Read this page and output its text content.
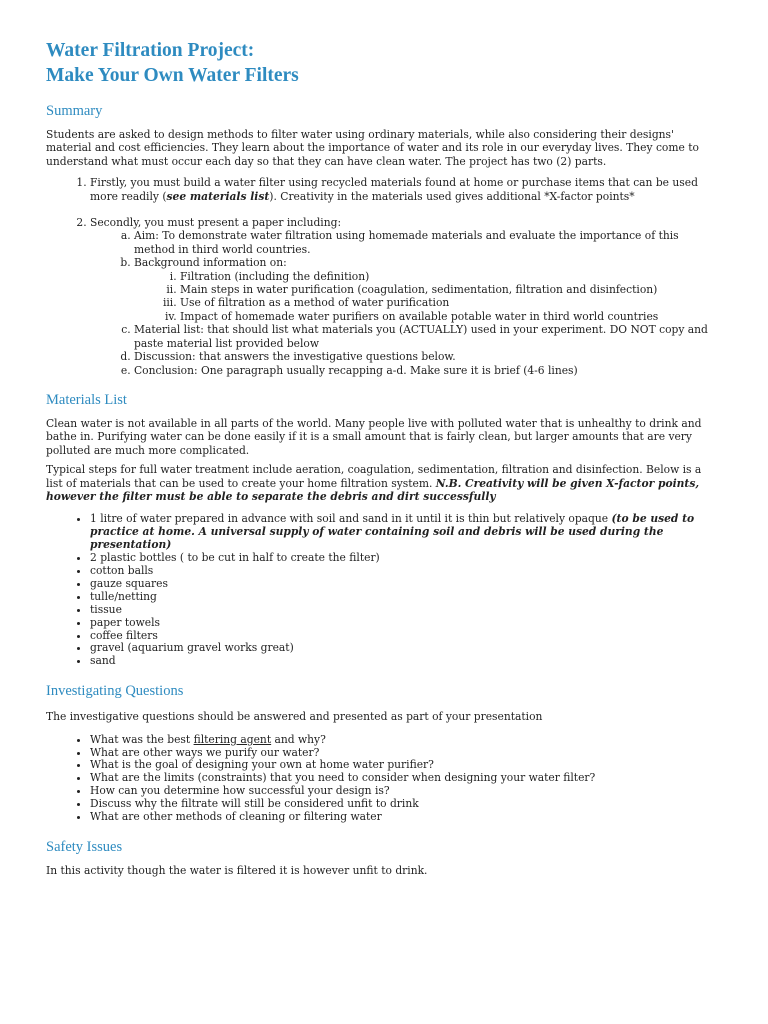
Water Filtration Project:
Make Your Own Water Filters
Summary

Students are asked to design methods to filter water using ordinary materials, while also considering their designs' material and cost efficiencies. They learn about the importance of water and its role in our everyday lives. They come to understand what must occur each day so that they can have clean water. The project has two (2) parts.

1. Firstly, you must build a water filter using recycled materials found at home or purchase items that can be used more readily (see materials list). Creativity in the materials used gives additional *X-factor points*
2. Secondly, you must present a paper including:
a. Aim: To demonstrate water filtration using homemade materials and evaluate the importance of this method in third world countries.
b. Background information on:
i. Filtration (including the definition)
ii. Main steps in water purification (coagulation, sedimentation, filtration and disinfection)
iii. Use of filtration as a method of water purification
iv. Impact of homemade water purifiers on available potable water in third world countries
c. Material list: that should list what materials you (ACTUALLY) used in your experiment. DO NOT copy and paste material list provided below
d. Discussion: that answers the investigative questions below.
e. Conclusion: One paragraph usually recapping a-d. Make sure it is brief (4-6 lines)
Materials List

Clean water is not available in all parts of the world. Many people live with polluted water that is unhealthy to drink and bathe in. Purifying water can be done easily if it is a small amount that is fairly clean, but larger amounts that are very polluted are much more complicated.

Typical steps for full water treatment include aeration, coagulation, sedimentation, filtration and disinfection. Below is a list of materials that can be used to create your home filtration system. N.B. Creativity will be given X-factor points, however the filter must be able to separate the debris and dirt successfully

• 1 litre of water prepared in advance with soil and sand in it until it is thin but relatively opaque (to be used to practice at home. A universal supply of water containing soil and debris will be used during the presentation)
• 2 plastic bottles ( to be cut in half to create the filter)
• cotton balls
• gauze squares
• tulle/netting
• tissue
• paper towels
• coffee filters
• gravel (aquarium gravel works great)
• sand
Investigating Questions

The investigative questions should be answered and presented as part of your presentation

• What was the best filtering agent and why?
• What are other ways we purify our water?
• What is the goal of designing your own at home water purifier?
• What are the limits (constraints) that you need to consider when designing your water filter?
• How can you determine how successful your design is?
• Discuss why the filtrate will still be considered unfit to drink
• What are other methods of cleaning or filtering water
Safety Issues

In this activity though the water is filtered it is however unfit to drink.
